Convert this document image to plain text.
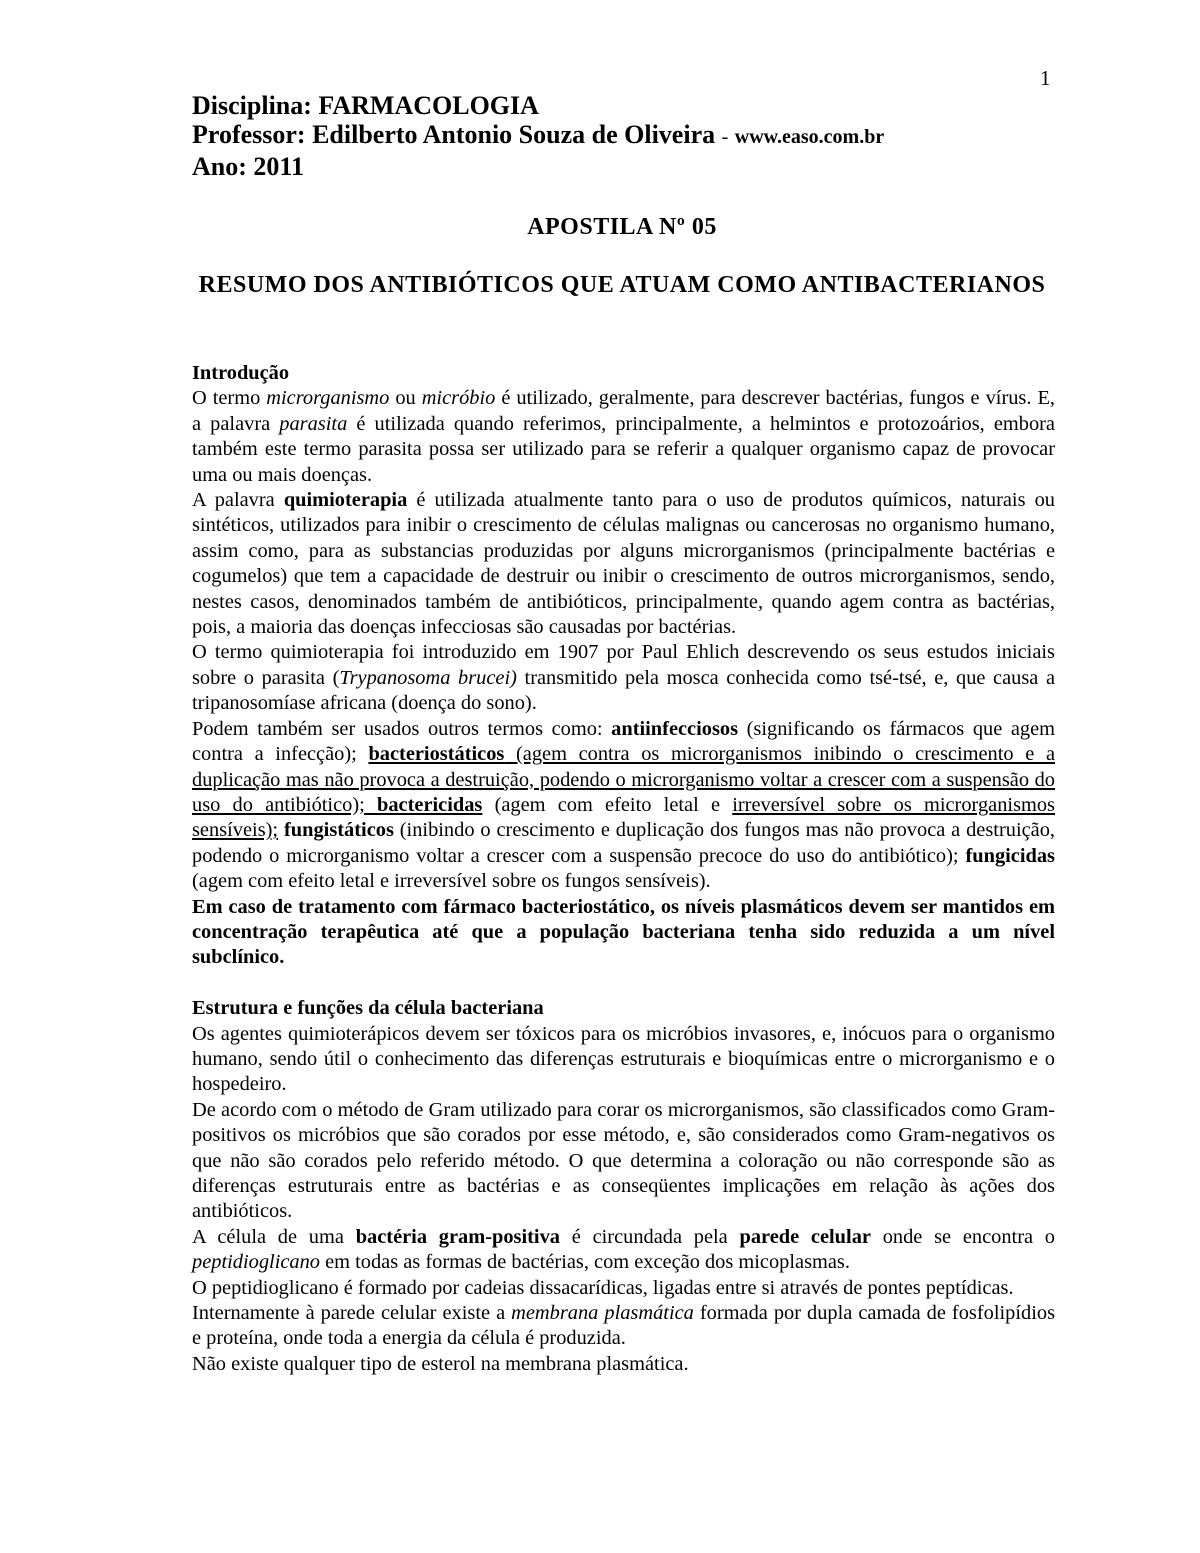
1
Disciplina: FARMACOLOGIA
Professor: Edilberto Antonio Souza de Oliveira - www.easo.com.br
Ano: 2011
APOSTILA Nº 05
RESUMO DOS ANTIBIÓTICOS QUE ATUAM COMO ANTIBACTERIANOS

Introdução

O termo microrganismo ou micróbio é utilizado, geralmente, para descrever bactérias, fungos e vírus. E, a palavra parasita é utilizada quando referimos, principalmente, a helmintos e protozoários, embora também este termo parasita possa ser utilizado para se referir a qualquer organismo capaz de provocar uma ou mais doenças.

A palavra quimioterapia é utilizada atualmente tanto para o uso de produtos químicos, naturais ou sintéticos, utilizados para inibir o crescimento de células malignas ou cancerosas no organismo humano, assim como, para as substancias produzidas por alguns microrganismos (principalmente bactérias e cogumelos) que tem a capacidade de destruir ou inibir o crescimento de outros microrganismos, sendo, nestes casos, denominados também de antibióticos, principalmente, quando agem contra as bactérias, pois, a maioria das doenças infecciosas são causadas por bactérias.

O termo quimioterapia foi introduzido em 1907 por Paul Ehlich descrevendo os seus estudos iniciais sobre o parasita (Trypanosoma brucei) transmitido pela mosca conhecida como tsé-tsé, e, que causa a tripanosomíase africana (doença do sono).

Podem também ser usados outros termos como: antiinfecciosos (significando os fármacos que agem contra a infecção); bacteriostáticos (agem contra os microrganismos inibindo o crescimento e a duplicação mas não provoca a destruição, podendo o microrganismo voltar a crescer com a suspensão do uso do antibiótico); bactericidas (agem com efeito letal e irreversível sobre os microrganismos sensíveis); fungistáticos (inibindo o crescimento e duplicação dos fungos mas não provoca a destruição, podendo o microrganismo voltar a crescer com a suspensão precoce do uso do antibiótico); fungicidas (agem com efeito letal e irreversível sobre os fungos sensíveis).

Em caso de tratamento com fármaco bacteriostático, os níveis plasmáticos devem ser mantidos em concentração terapêutica até que a população bacteriana tenha sido reduzida a um nível subclínico.

Estrutura e funções da célula bacteriana

Os agentes quimioterápicos devem ser tóxicos para os micróbios invasores, e, inócuos para o organismo humano, sendo útil o conhecimento das diferenças estruturais e bioquímicas entre o microrganismo e o hospedeiro.

De acordo com o método de Gram utilizado para corar os microrganismos, são classificados como Gram-positivos os micróbios que são corados por esse método, e, são considerados como Gram-negativos os que não são corados pelo referido método. O que determina a coloração ou não corresponde são as diferenças estruturais entre as bactérias e as conseqüentes implicações em relação às ações dos antibióticos.

A célula de uma bactéria gram-positiva é circundada pela parede celular onde se encontra o peptidioglicano em todas as formas de bactérias, com exceção dos micoplasmas.

O peptidioglicano é formado por cadeias dissacarídicas, ligadas entre si através de pontes peptídicas.

Internamente à parede celular existe a membrana plasmática formada por dupla camada de fosfolipídios e proteína, onde toda a energia da célula é produzida.

Não existe qualquer tipo de esterol na membrana plasmática.
